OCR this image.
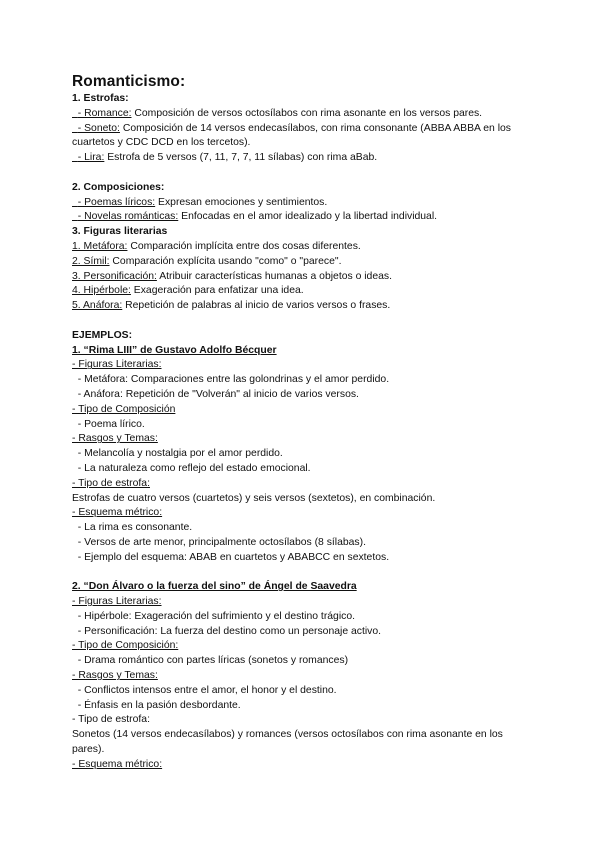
Romanticismo:
1. Estrofas:
- Romance: Composición de versos octosílabos con rima asonante en los versos pares.
- Soneto: Composición de 14 versos endecasílabos, con rima consonante (ABBA ABBA en los cuartetos y CDC DCD en los tercetos).
- Lira: Estrofa de 5 versos (7, 11, 7, 7, 11 sílabas) con rima aBab.
2. Composiciones:
- Poemas líricos: Expresan emociones y sentimientos.
- Novelas románticas: Enfocadas en el amor idealizado y la libertad individual.
3. Figuras literarias
1. Metáfora: Comparación implícita entre dos cosas diferentes.
2. Símil: Comparación explícita usando "como" o "parece".
3. Personificación: Atribuir características humanas a objetos o ideas.
4. Hipérbole: Exageración para enfatizar una idea.
5. Anáfora: Repetición de palabras al inicio de varios versos o frases.
EJEMPLOS:
1. “Rima LIII” de Gustavo Adolfo Bécquer
- Figuras Literarias:
- Metáfora: Comparaciones entre las golondrinas y el amor perdido.
- Anáfora: Repetición de "Volverán" al inicio de varios versos.
- Tipo de Composición
- Poema lírico.
- Rasgos y Temas:
- Melancolía y nostalgia por el amor perdido.
- La naturaleza como reflejo del estado emocional.
- Tipo de estrofa:
Estrofas de cuatro versos (cuartetos) y seis versos (sextetos), en combinación.
- Esquema métrico:
- La rima es consonante.
- Versos de arte menor, principalmente octosílabos (8 sílabas).
- Ejemplo del esquema: ABAB en cuartetos y ABABCC en sextetos.
2. “Don Álvaro o la fuerza del sino” de Ángel de Saavedra
- Figuras Literarias:
- Hipérbole: Exageración del sufrimiento y el destino trágico.
- Personificación: La fuerza del destino como un personaje activo.
- Tipo de Composición:
- Drama romántico con partes líricas (sonetos y romances)
- Rasgos y Temas:
- Conflictos intensos entre el amor, el honor y el destino.
- Énfasis en la pasión desbordante.
- Tipo de estrofa:
Sonetos (14 versos endecasílabos) y romances (versos octosílabos con rima asonante en los pares).
- Esquema métrico:
